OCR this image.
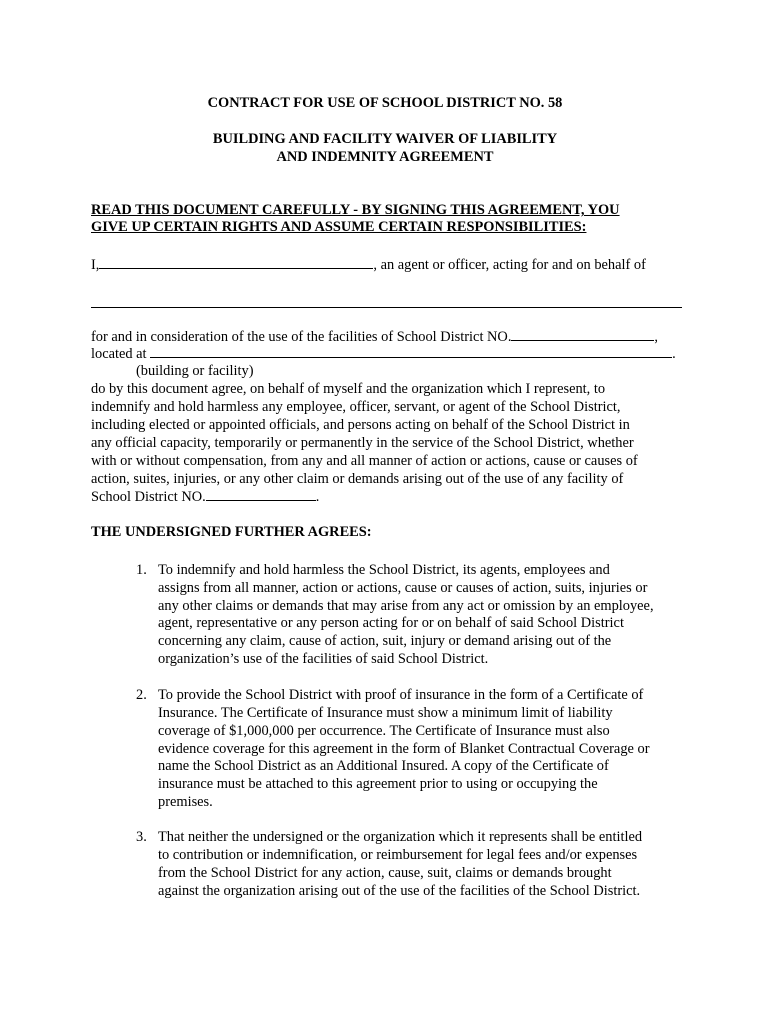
CONTRACT FOR USE OF SCHOOL DISTRICT NO. 58
BUILDING AND FACILITY WAIVER OF LIABILITY
AND INDEMNITY AGREEMENT
READ THIS DOCUMENT CAREFULLY - BY SIGNING THIS AGREEMENT, YOU
GIVE UP CERTAIN RIGHTS AND ASSUME CERTAIN RESPONSIBILITIES:
I,	, an agent or officer, acting for and on behalf of
for and in consideration of the use of the facilities of School District NO.	,
located at	.
(building or facility)
do by this document agree, on behalf of myself and the organization which I represent, to
indemnify and hold harmless any employee, officer, servant, or agent of the School District,
including elected or appointed officials, and persons acting on behalf of the School District in
any official capacity, temporarily or permanently in the service of the School District, whether
with or without compensation, from any and all manner of action or actions, cause or causes of
action, suites, injuries, or any other claim or demands arising out of the use of any facility of
School District NO.	.
THE UNDERSIGNED FURTHER AGREES:
1. To indemnify and hold harmless the School District, its agents, employees and
assigns from all manner, action or actions, cause or causes of action, suits, injuries or
any other claims or demands that may arise from any act or omission by an employee,
agent, representative or any person acting for or on behalf of said School District
concerning any claim, cause of action, suit, injury or demand arising out of the
organization’s use of the facilities of said School District.
2. To provide the School District with proof of insurance in the form of a Certificate of
Insurance. The Certificate of Insurance must show a minimum limit of liability
coverage of $1,000,000 per occurrence. The Certificate of Insurance must also
evidence coverage for this agreement in the form of Blanket Contractual Coverage or
name the School District as an Additional Insured. A copy of the Certificate of
insurance must be attached to this agreement prior to using or occupying the
premises.
3. That neither the undersigned or the organization which it represents shall be entitled
to contribution or indemnification, or reimbursement for legal fees and/or expenses
from the School District for any action, cause, suit, claims or demands brought
against the organization arising out of the use of the facilities of the School District.
